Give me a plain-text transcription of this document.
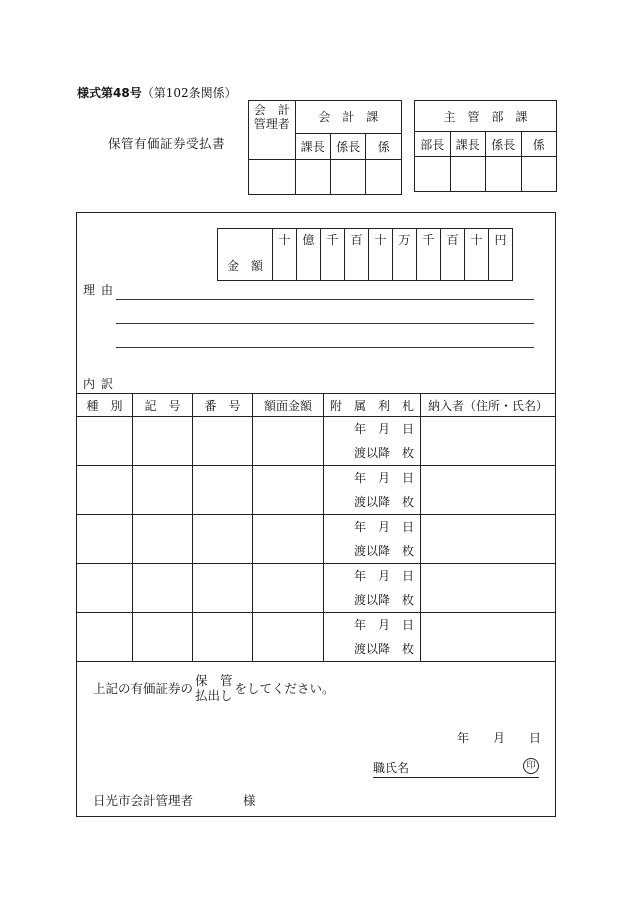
様式第48号（第102条関係）
保管有価証券受払書
会　計
管理者	会　計　課		
	課長	係長	係

主　管　部　課			
部長	課長	係長	係

金　額	十	億	千	百	十	万	千	百	十	円
理由
内訳
種　別	記　号	番　号	額面金額	附　属　利　札	納入者（住所・氏名）

				年　月　日
渡以降　枚	

				年　月　日
渡以降　枚	

				年　月　日
渡以降　枚	

				年　月　日
渡以降　枚	

				年　月　日
渡以降　枚	

上記の有価証券の
保　管
払出し をしてください。
年 月 日
職氏名	印
日光市会計管理者　　　　様
